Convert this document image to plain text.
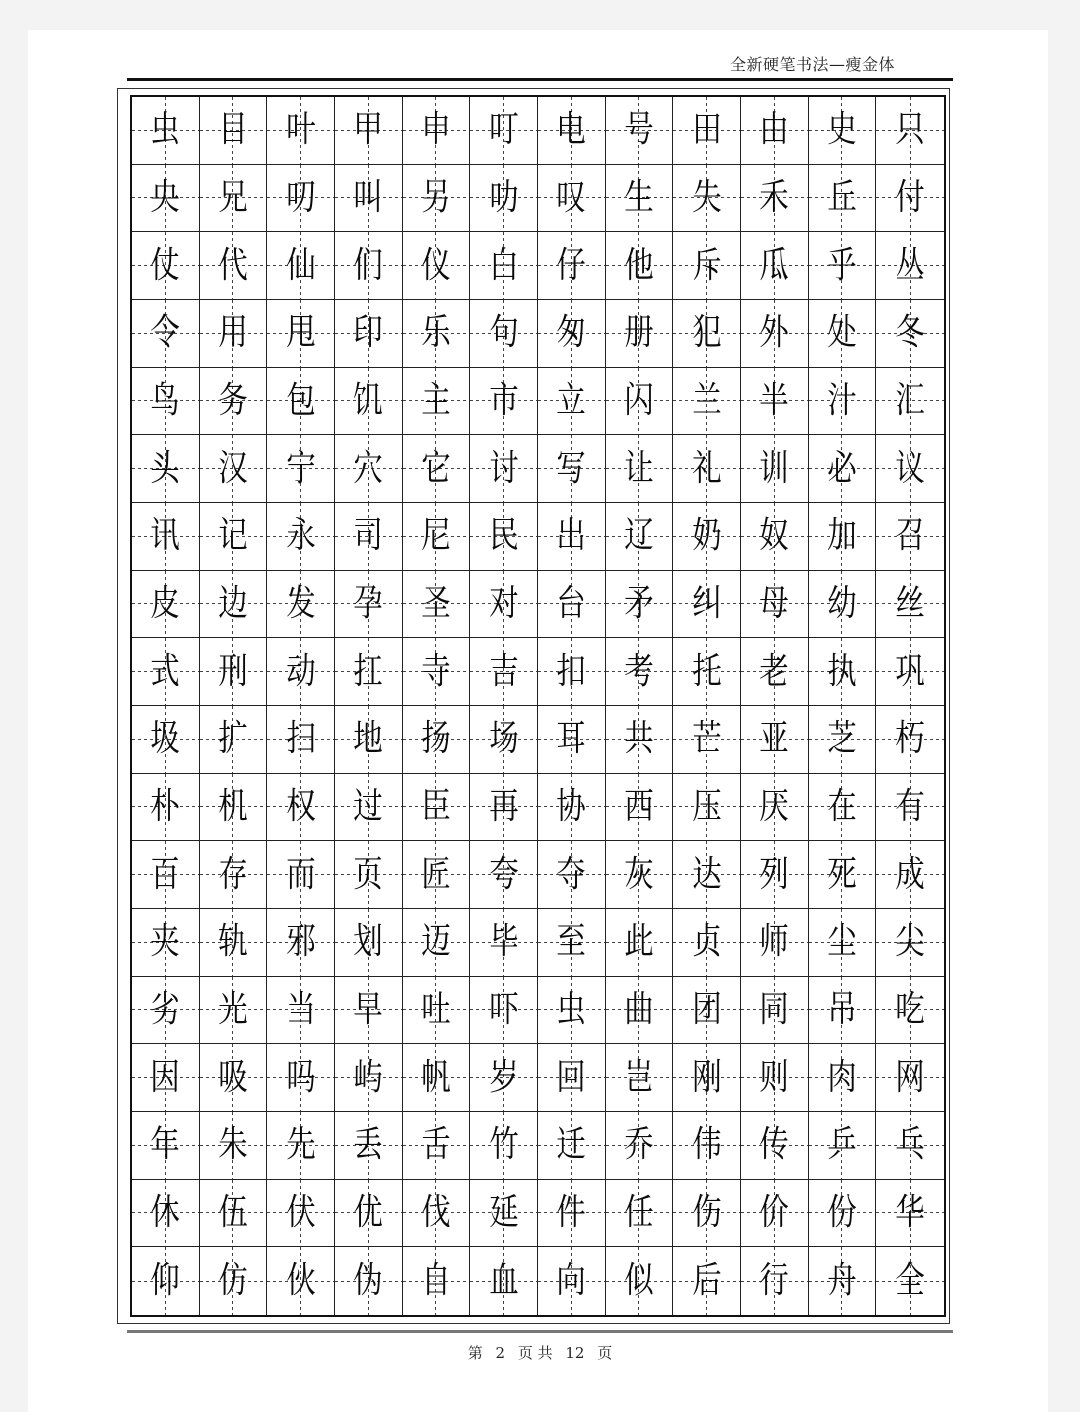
全新硬笔书法—瘦金体
虫 目 叶 甲 申 叮 电 号 田 由 史 只
央 兄 叨 叫 另 叻 叹 生 失 禾 丘 付
仗 代 仙 们 仪 白 仔 他 斥 瓜 乎 丛
令 用 甩 印 乐 句 匆 册 犯 外 处 冬
鸟 务 包 饥 主 市 立 闪 兰 半 汁 汇
头 汉 宁 穴 它 讨 写 让 礼 训 必 议
讯 记 永 司 尼 民 出 辽 奶 奴 加 召
皮 边 发 孕 圣 对 台 矛 纠 母 幼 丝
式 刑 动 扛 寺 吉 扣 考 托 老 执 巩
圾 扩 扫 地 扬 场 耳 共 芒 亚 芝 朽
朴 机 权 过 臣 再 协 西 压 厌 在 有
百 存 而 页 匠 夸 夺 灰 达 列 死 成
夹 轨 邪 划 迈 毕 至 此 贞 师 尘 尖
劣 光 当 早 吐 吓 虫 曲 团 同 吊 吃
因 吸 吗 屿 帆 岁 回 岂 刚 则 肉 网
年 朱 先 丢 舌 竹 迁 乔 伟 传 乒 乓
休 伍 伏 优 伐 延 件 任 伤 价 份 华
仰 仿 伙 伪 自 血 向 似 后 行 舟 全
第 2 页 共 12 页
